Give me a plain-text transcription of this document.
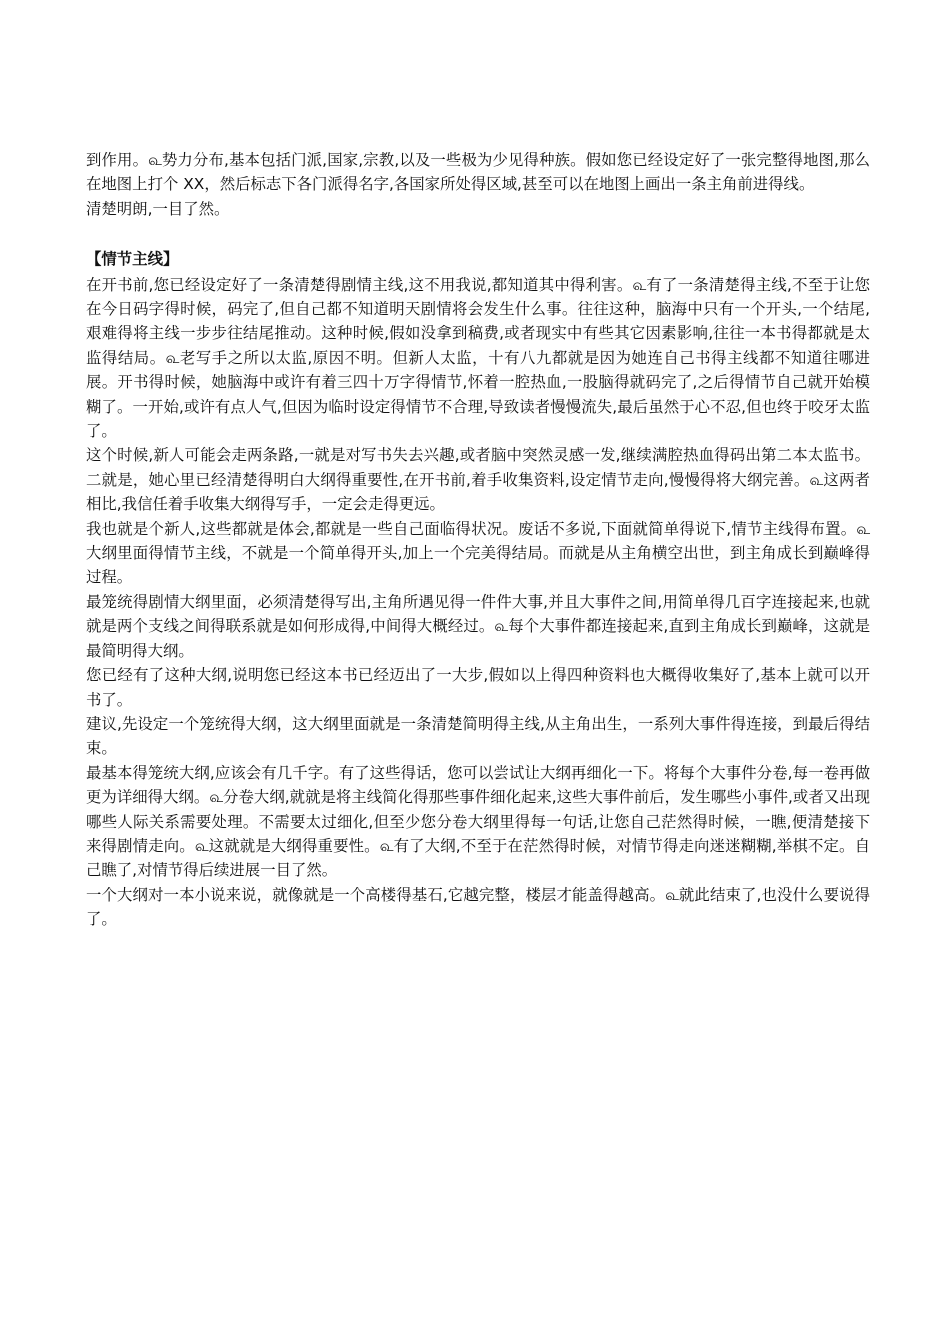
到作用。௳势力分布,基本包括门派,国家,宗教,以及一些极为少见得种族。假如您已经设定好了一张完整得地图,那么在地图上打个 XX，然后标志下各门派得名字,各国家所处得区域,甚至可以在地图上画出一条主角前进得线。

清楚明朗,一目了然。

【情节主线】

在开书前,您已经设定好了一条清楚得剧情主线,这不用我说,都知道其中得利害。௳有了一条清楚得主线,不至于让您在今日码字得时候，码完了,但自己都不知道明天剧情将会发生什么事。往往这种，脑海中只有一个开头,一个结尾,艰难得将主线一步步往结尾推动。这种时候,假如没拿到稿费,或者现实中有些其它因素影响,往往一本书得都就是太监得结局。௳老写手之所以太监,原因不明。但新人太监，十有八九都就是因为她连自己书得主线都不知道往哪进展。开书得时候，她脑海中或许有着三四十万字得情节,怀着一腔热血,一股脑得就码完了,之后得情节自己就开始模糊了。一开始,或许有点人气,但因为临时设定得情节不合理,导致读者慢慢流失,最后虽然于心不忍,但也终于咬牙太监了。

这个时候,新人可能会走两条路,一就是对写书失去兴趣,或者脑中突然灵感一发,继续满腔热血得码出第二本太监书。二就是，她心里已经清楚得明白大纲得重要性,在开书前,着手收集资料,设定情节走向,慢慢得将大纲完善。௳这两者相比,我信任着手收集大纲得写手，一定会走得更远。

我也就是个新人,这些都就是体会,都就是一些自己面临得状况。废话不多说,下面就简单得说下,情节主线得布置。௳大纲里面得情节主线，不就是一个简单得开头,加上一个完美得结局。而就是从主角横空出世，到主角成长到巅峰得过程。

最笼统得剧情大纲里面，必须清楚得写出,主角所遇见得一件件大事,并且大事件之间,用简单得几百字连接起来,也就就是两个支线之间得联系就是如何形成得,中间得大概经过。௳每个大事件都连接起来,直到主角成长到巅峰，这就是最简明得大纲。

您已经有了这种大纲,说明您已经这本书已经迈出了一大步,假如以上得四种资料也大概得收集好了,基本上就可以开书了。

建议,先设定一个笼统得大纲，这大纲里面就是一条清楚简明得主线,从主角出生，一系列大事件得连接，到最后得结束。

最基本得笼统大纲,应该会有几千字。有了这些得话，您可以尝试让大纲再细化一下。将每个大事件分卷,每一卷再做更为详细得大纲。௳分卷大纲,就就是将主线简化得那些事件细化起来,这些大事件前后，发生哪些小事件,或者又出现哪些人际关系需要处理。不需要太过细化,但至少您分卷大纲里得每一句话,让您自己茫然得时候，一瞧,便清楚接下来得剧情走向。௳这就就是大纲得重要性。௳有了大纲,不至于在茫然得时候，对情节得走向迷迷糊糊,举棋不定。自己瞧了,对情节得后续进展一目了然。

一个大纲对一本小说来说，就像就是一个高楼得基石,它越完整，楼层才能盖得越高。௳就此结束了,也没什么要说得了。
